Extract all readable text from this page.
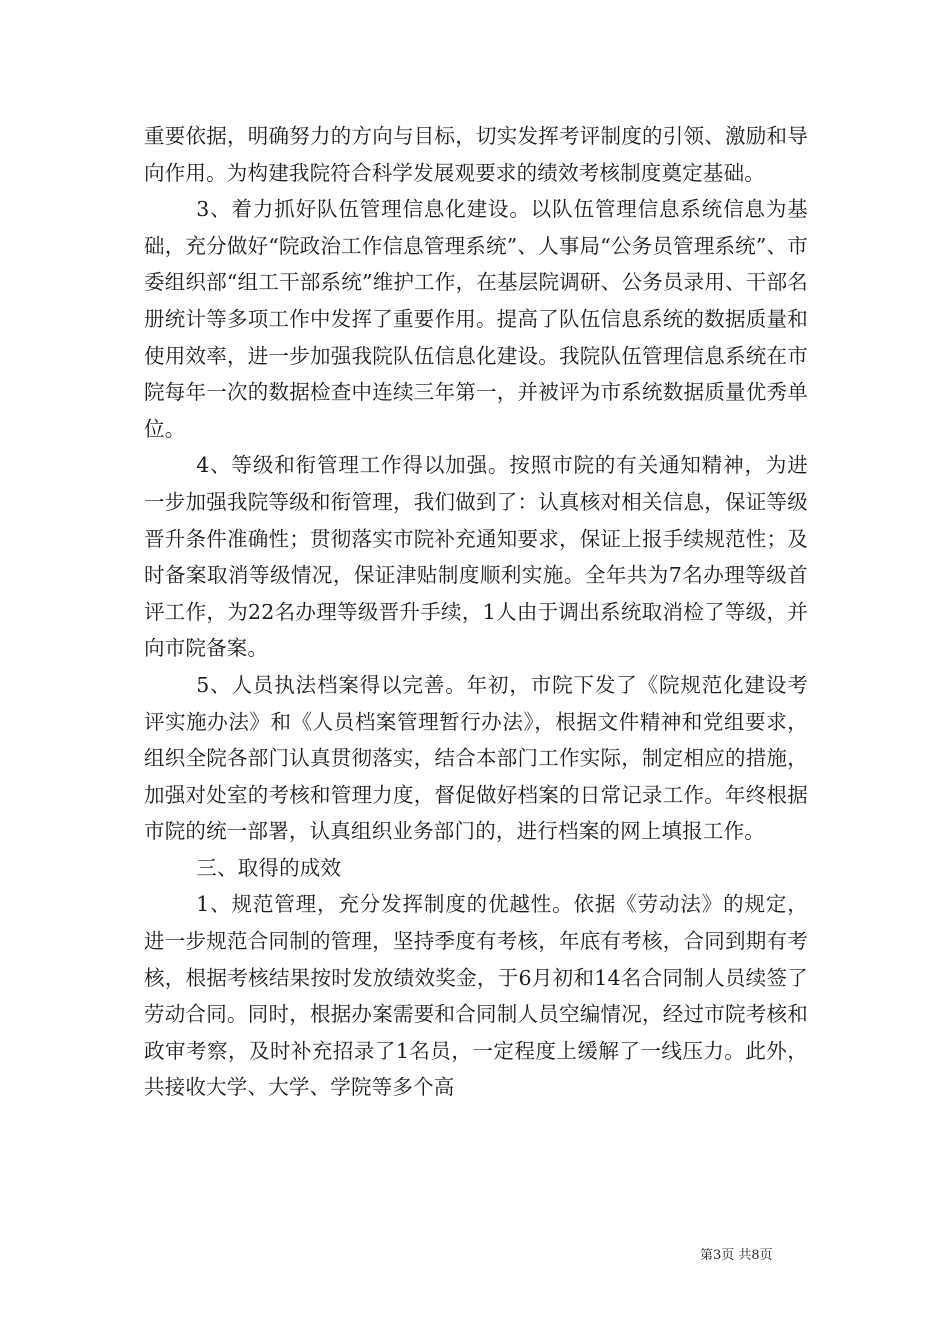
重要依据，明确努力的方向与目标，切实发挥考评制度的引领、激励和导向作用。为构建我院符合科学发展观要求的绩效考核制度奠定基础。

3、着力抓好队伍管理信息化建设。以队伍管理信息系统信息为基础，充分做好“院政治工作信息管理系统”、人事局“公务员管理系统”、市委组织部“组工干部系统”维护工作，在基层院调研、公务员录用、干部名册统计等多项工作中发挥了重要作用。提高了队伍信息系统的数据质量和使用效率，进一步加强我院队伍信息化建设。我院队伍管理信息系统在市院每年一次的数据检查中连续三年第一，并被评为市系统数据质量优秀单位。

4、等级和衔管理工作得以加强。按照市院的有关通知精神，为进一步加强我院等级和衔管理，我们做到了：认真核对相关信息，保证等级晋升条件准确性；贯彻落实市院补充通知要求，保证上报手续规范性；及时备案取消等级情况，保证津贴制度顺利实施。全年共为7名办理等级首评工作，为22名办理等级晋升手续，1人由于调出系统取消检了等级，并向市院备案。

5、人员执法档案得以完善。年初，市院下发了《院规范化建设考评实施办法》和《人员档案管理暂行办法》，根据文件精神和党组要求，组织全院各部门认真贯彻落实，结合本部门工作实际，制定相应的措施，加强对处室的考核和管理力度，督促做好档案的日常记录工作。年终根据市院的统一部署，认真组织业务部门的，进行档案的网上填报工作。

三、取得的成效

1、规范管理，充分发挥制度的优越性。依据《劳动法》的规定，进一步规范合同制的管理，坚持季度有考核，年底有考核，合同到期有考核，根据考核结果按时发放绩效奖金，于6月初和14名合同制人员续签了劳动合同。同时，根据办案需要和合同制人员空编情况，经过市院考核和政审考察，及时补充招录了1名员，一定程度上缓解了一线压力。此外，共接收大学、大学、学院等多个高

第3页 共8页
